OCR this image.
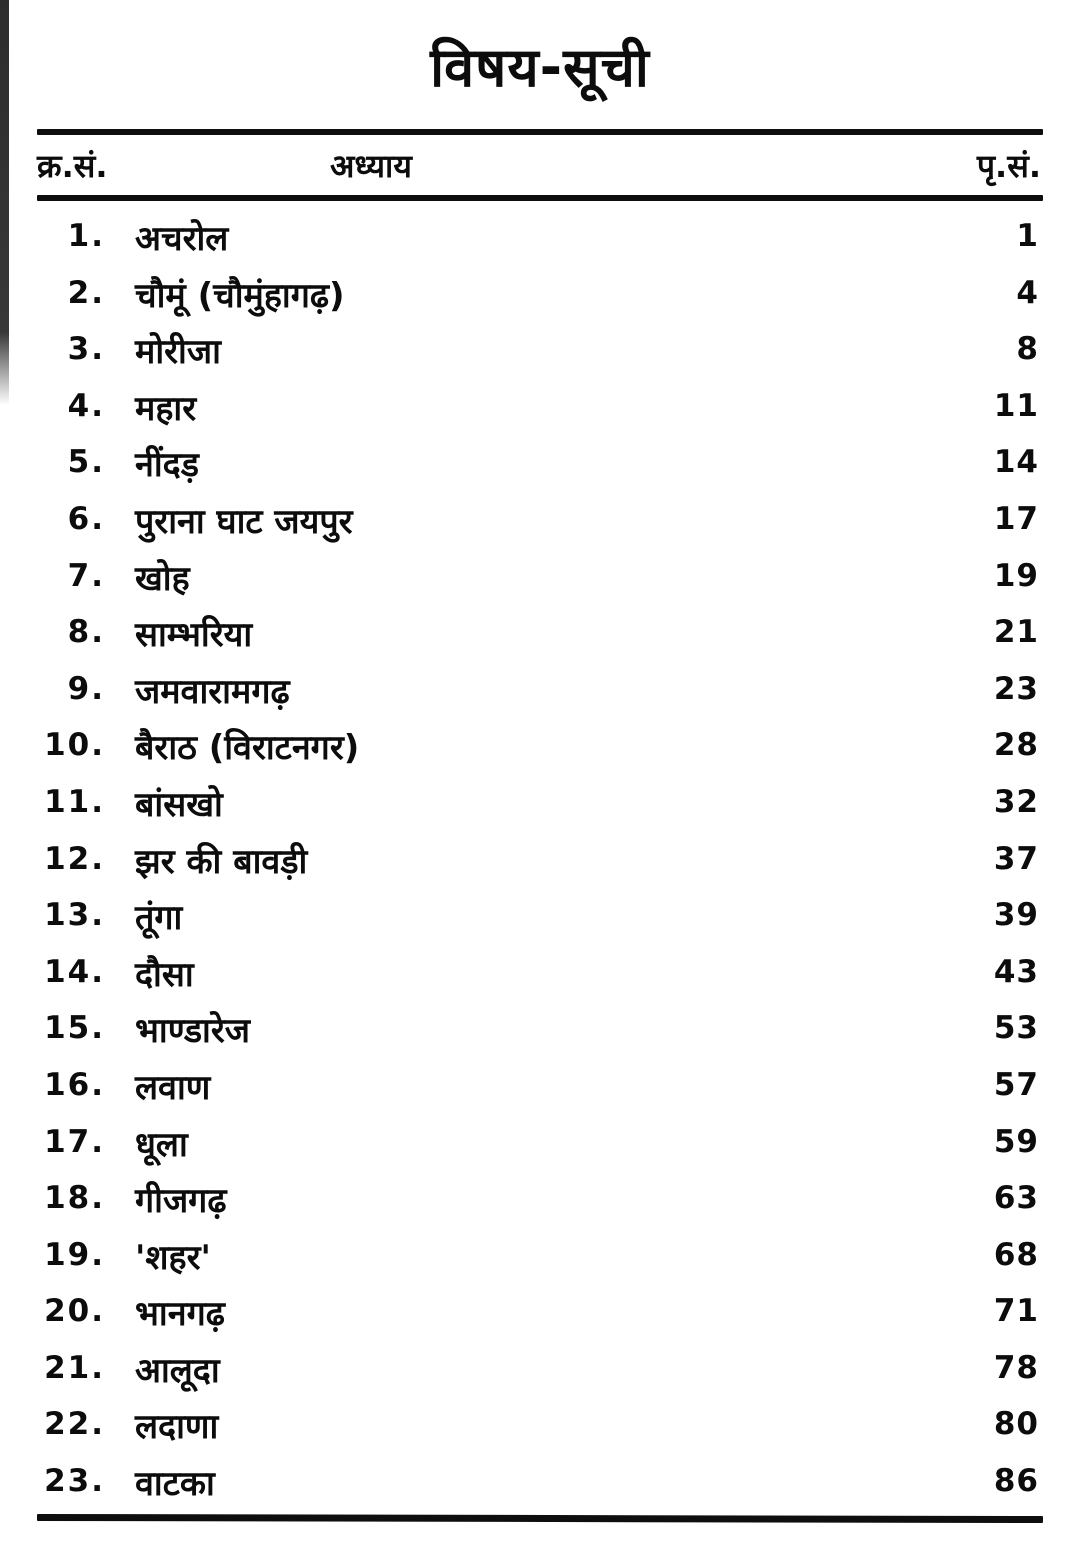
विषय-सूची
क्र.सं.	अध्याय	पृ.सं.
1. अचरोल	1
2. चौमूं (चौमुंहागढ़)	4
3. मोरीजा	8
4. महार	11
5. नींदड़	14
6. पुराना घाट जयपुर	17
7. खोह	19
8. साम्भरिया	21
9. जमवारामगढ़	23
10. बैराठ (विराटनगर)	28
11. बांसखो	32
12. झर की बावड़ी	37
13. तूंगा	39
14. दौसा	43
15. भाण्डारेज	53
16. लवाण	57
17. धूला	59
18. गीजगढ़	63
19. 'शहर'	68
20. भानगढ़	71
21. आलूदा	78
22. लदाणा	80
23. वाटका	86
